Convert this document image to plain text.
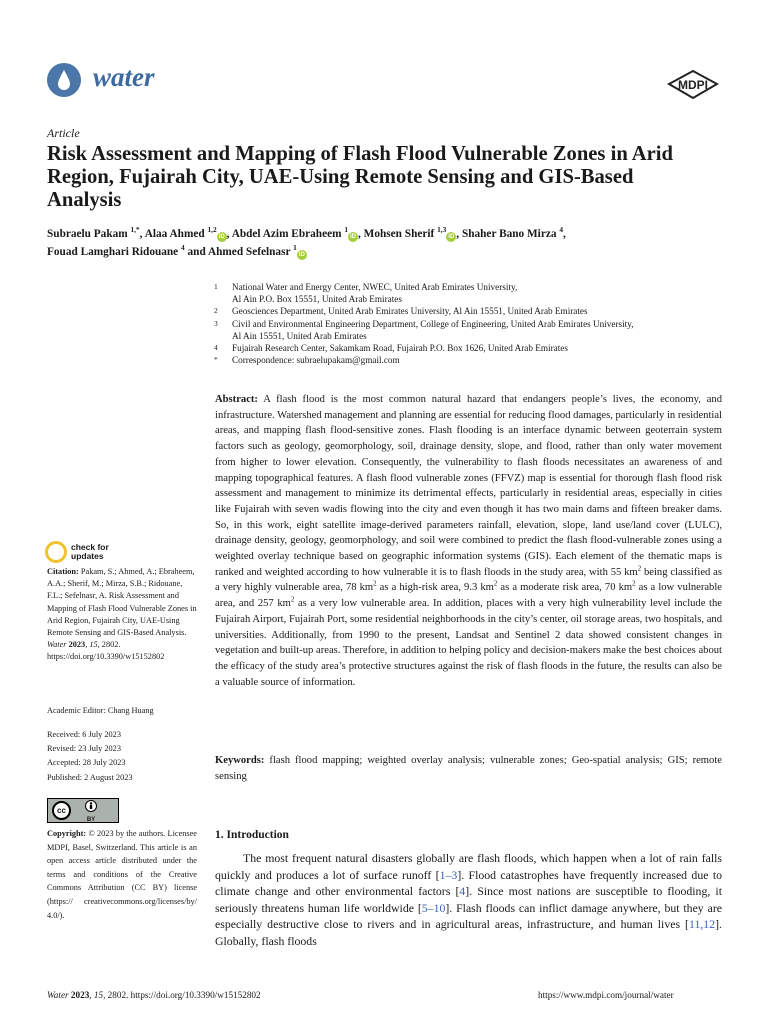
water	MDPI
Article
Risk Assessment and Mapping of Flash Flood Vulnerable Zones in Arid Region, Fujairah City, UAE-Using Remote Sensing and GIS-Based Analysis
Subraelu Pakam $^{1,*}$, Alaa Ahmed $^{1,2}$iD , Abdel Azim Ebraheem $^1$iD , Mohsen Sherif $^{1,3}$iD , Shaher Bano Mirza $^4$,
Fouad Lamghari Ridouane $^4$ and Ahmed Sefelnasr $^1$iD
1	National Water and Energy Center, NWEC, United Arab Emirates University,
Al Ain P.O. Box 15551, United Arab Emirates
2	Geosciences Department, United Arab Emirates University, Al Ain 15551, United Arab Emirates
3	Civil and Environmental Engineering Department, College of Engineering, United Arab Emirates University,
Al Ain 15551, United Arab Emirates
4	Fujairah Research Center, Sakamkam Road, Fujairah P.O. Box 1626, United Arab Emirates
*	Correspondence: subraelupakam@gmail.com
Abstract: A flash flood is the most common natural hazard that endangers people’s lives, the economy, and infrastructure. Watershed management and planning are essential for reducing flood damages, particularly in residential areas, and mapping flash flood-sensitive zones. Flash flooding is an interface dynamic between geoterrain system factors such as geology, geomorphology, soil, drainage density, slope, and flood, rather than only water movement from higher to lower elevation. Consequently, the vulnerability to flash floods necessitates an awareness of and mapping topographical features. A flash flood vulnerable zones (FFVZ) map is essential for thorough flash flood risk assessment and management to minimize its detrimental effects, particularly in residential areas, especially in cities like Fujairah with seven wadis flowing into the city and even though it has two main dams and fifteen breaker dams. So, in this work, eight satellite image-derived parameters rainfall, elevation, slope, land use/land cover (LULC), drainage density, geology, geomorphology, and soil were combined to predict the flash flood-vulnerable zones using a weighted overlay technique based on geographic information systems (GIS). Each element of the thematic maps is ranked and weighted according to how vulnerable it is to flash floods in the study area, with 55 $km^2$ being classified as a very highly vulnerable area, 78 $km^2$ as a high-risk area, 9.3 $km^2$ as a moderate risk area, 70 $km^2$ as a low vulnerable area, and 257 $km^2$ as a very low vulnerable area. In addition, places with a very high vulnerability level include the Fujairah Airport, Fujairah Port, some residential neighborhoods in the city’s center, oil storage areas, two hospitals, and universities. Additionally, from 1990 to the present, Landsat and Sentinel 2 data showed consistent changes in vegetation and built-up areas. Therefore, in addition to helping policy and decision-makers make the best choices about the efficacy of the study area’s protective structures against the risk of flash floods in the future, the results can also be a valuable source of information.
Keywords: flash flood mapping; weighted overlay analysis; vulnerable zones; Geo-spatial analysis; GIS; remote sensing
check for
updates
Citation: Pakam, S.; Ahmed, A.; Ebraheem, A.A.; Sherif, M.; Mirza, S.B.; Ridouane, F.L.; Sefelnasr, A. Risk Assessment and Mapping of Flash Flood Vulnerable Zones in Arid Region, Fujairah City, UAE-Using Remote Sensing and GIS-Based Analysis. Water 2023, 15, 2802. https://doi.org/10.3390/w15152802
Academic Editor: Chang Huang
Received: 6 July 2023
Revised: 23 July 2023
Accepted: 28 July 2023
Published: 2 August 2023
cc
BY
Copyright: © 2023 by the authors. Licensee MDPI, Basel, Switzerland. This article is an open access article distributed under the terms and conditions of the Creative Commons Attribution (CC BY) license (https:// creativecommons.org/licenses/by/ 4.0/).
1. Introduction
The most frequent natural disasters globally are flash floods, which happen when a lot of rain falls quickly and produces a lot of surface runoff [1–3]. Flood catastrophes have frequently increased due to climate change and other environmental factors [4]. Since most nations are susceptible to flooding, it seriously threatens human life worldwide [5–10]. Flash floods can inflict damage anywhere, but they are especially destructive close to rivers and in agricultural areas, infrastructure, and human lives [11,12]. Globally, flash floods
Water 2023, 15, 2802. https://doi.org/10.3390/w15152802	https://www.mdpi.com/journal/water
